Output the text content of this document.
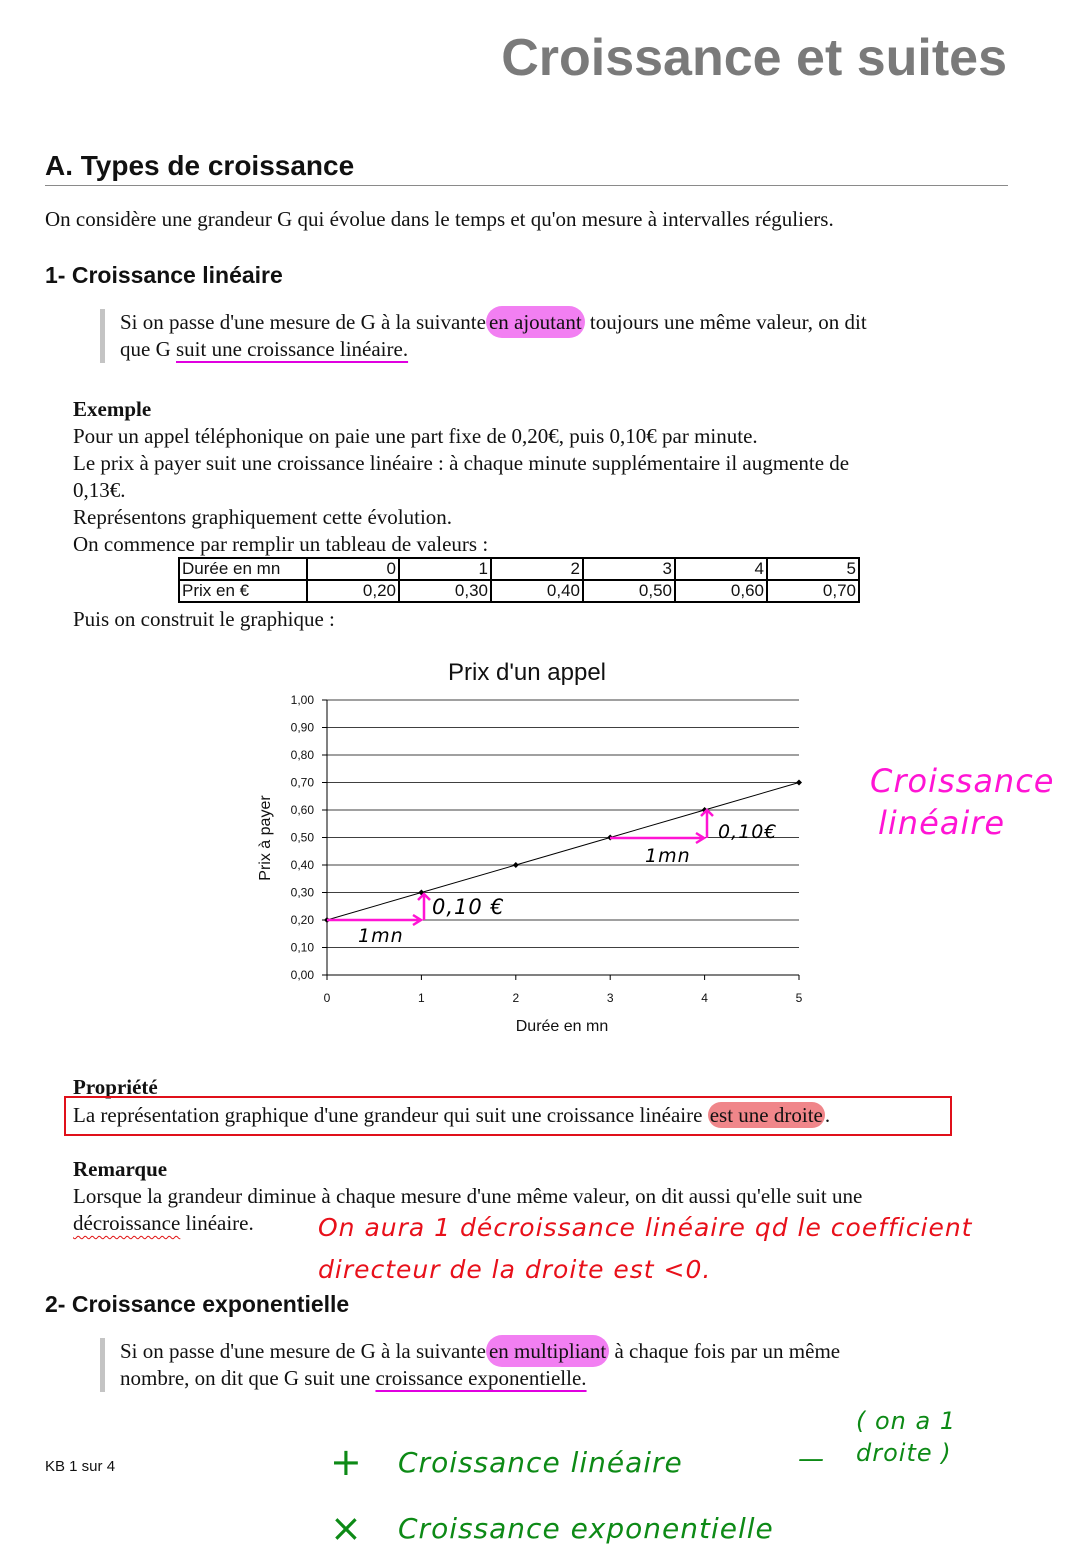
Croissance et suites
A. Types de croissance

On considère une grandeur G qui évolue dans le temps et qu'on mesure à intervalles réguliers.

1- Croissance linéaire

Si on passe d'une mesure de G à la suivante en ajoutant toujours une même valeur, on dit

que G suit une croissance linéaire.

Exemple

Pour un appel téléphonique on paie une part fixe de 0,20€, puis 0,10€ par minute.

Le prix à payer suit une croissance linéaire : à chaque minute supplémentaire il augmente de

0,13€.

Représentons graphiquement cette évolution.

On commence par remplir un tableau de valeurs :

Durée en mn	0	1	2	3	4	5
Prix en €	0,20	0,30	0,40	0,50	0,60	0,70

Puis on construit le graphique :

Prix d'un appel
Prix à payer
Durée en mn
0,00
0,10
0,20
0,30
0,40
0,50
0,60
0,70
0,80
0,90
1,00
0	1	2	3	4	5
1mn
0,10 €
1mn
0,10€
Croissance
linéaire

Propriété

La représentation graphique d'une grandeur qui suit une croissance linéaire est une droite.

Remarque

Lorsque la grandeur diminue à chaque mesure d'une même valeur, on dit aussi qu'elle suit une

décroissance linéaire.	On aura 1 décroissance linéaire qd le coefficient
directeur de la droite est <0.
2- Croissance exponentielle

Si on passe d'une mesure de G à la suivante en multipliant à chaque fois par un même

nombre, on dit que G suit une croissance exponentielle.

+ Croissance linéaire	—
( on a 1
droite )
× Croissance exponentielle

KB 1 sur 4
